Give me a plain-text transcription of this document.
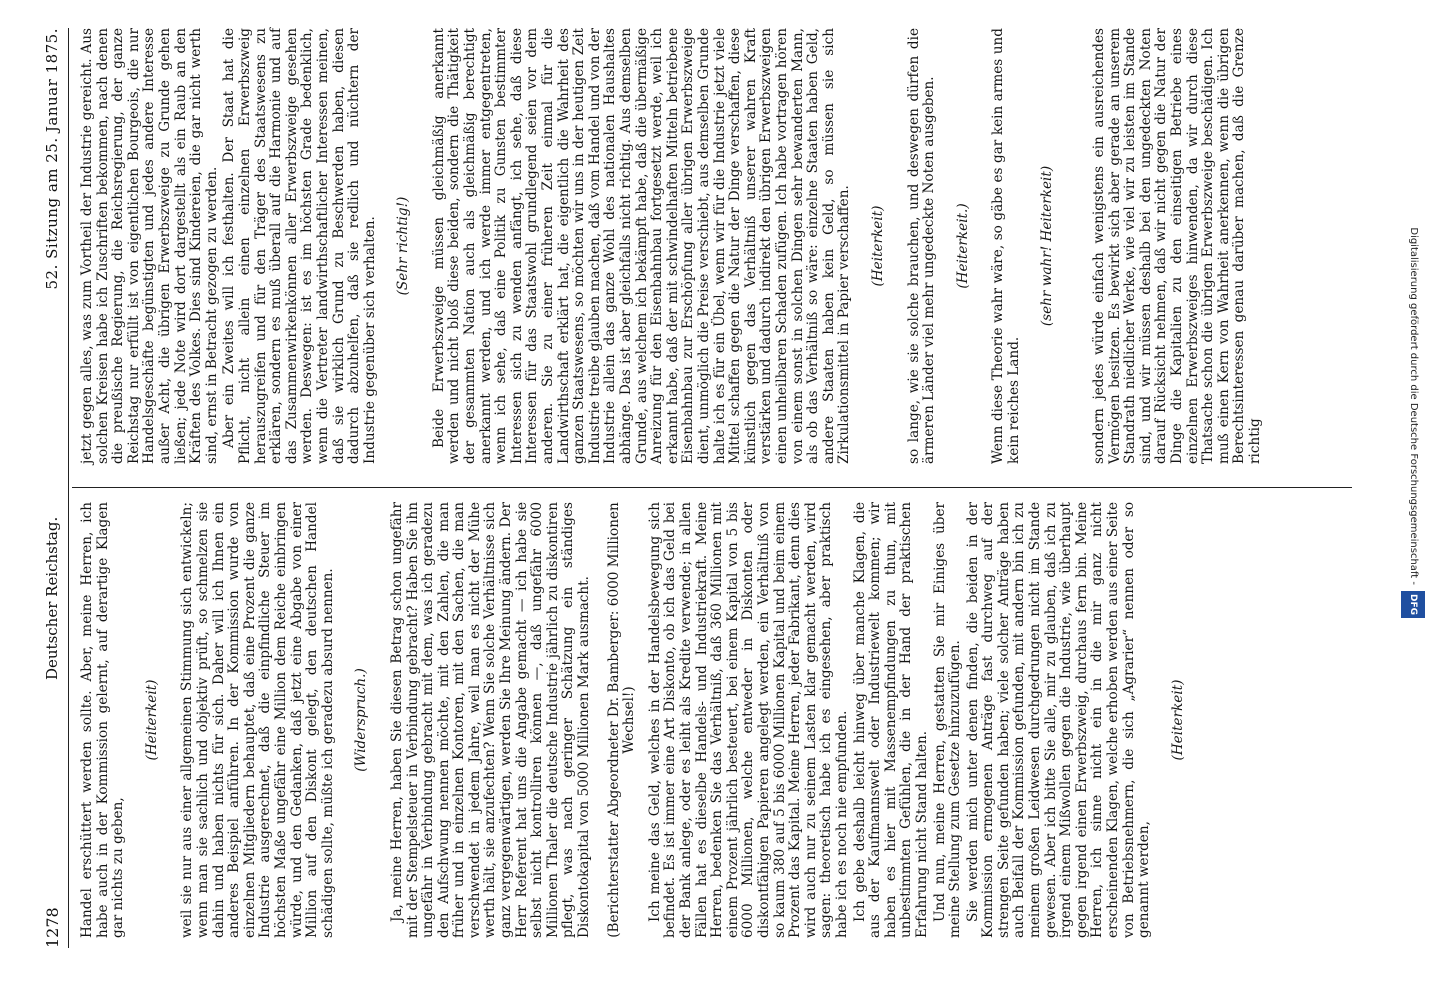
1278
Deutscher Reichstag.
52. Sitzung am 25. Januar 1875.

Handel erschüttert werden sollte. Aber, meine Herren, ich habe auch in der Kommission gelernt, auf derartige Klagen gar nichts zu geben,

(Heiterkeit) weil sie nur aus einer allgemeinen Stimmung sich entwickeln; wenn man sie sachlich und objektiv prüft, so schmelzen sie dahin und haben nichts für sich. Daher will ich Ihnen ein anderes Beispiel anführen. In der Kommission wurde von einzelnen Mitgliedern behauptet, daß eine Prozent die ganze Industrie ausgerechnet, daß die einpfindliche Steuer im höchsten Maße ungefähr eine Million dem Reiche einbringen würde, und den Gedanken, daß jetzt eine Abgabe von einer Million auf den Diskont gelegt, den deutschen Handel schädigen sollte, müßte ich geradezu absurd nennen. (Widerspruch.) Ja, meine Herren, haben Sie diesen Betrag schon ungefähr mit der Stempelsteuer in Verbindung gebracht? Haben Sie ihn ungefähr in Verbindung gebracht mit dem, was ich geradezu den Aufschwung nennen möchte, mit den Zahlen, die man früher und in einzelnen Kontoren, mit den Sachen, die man verschwendet in jedem Jahre, weil man es nicht der Mühe werth hält, sie anzufechten? Wenn Sie solche Verhältnisse sich ganz vergegenwärtigen, werden Sie Ihre Meinung ändern. Der Herr Referent hat uns die Angabe gemacht — ich habe sie selbst nicht kontrolliren können —, daß ungefähr 6000 Millionen Thaler die deutsche Industrie jährlich zu diskontiren pflegt, was nach geringer Schätzung ein ständiges Diskontokapital von 5000 Millionen Mark ausmacht. (Berichterstatter Abgeordneter Dr. Bamberger: 6000 Millionen Wechsel!) Ich meine das Geld, welches in der Handelsbewegung sich befindet. Es ist immer eine Art Diskonto, ob ich das Geld bei der Bank anlege, oder es leiht als Kredite verwende; in allen Fällen hat es dieselbe Handels- und Industriekraft. Meine Herren, bedenken Sie das Verhältniß, daß 360 Millionen mit einem Prozent jährlich besteuert, bei einem Kapital von 5 bis 6000 Millionen, welche entweder in Diskonten oder diskontfähigen Papieren angelegt werden, ein Verhältniß von so kaum 380 auf 5 bis 6000 Millionen Kapital und beim einem Prozent das Kapital. Meine Herren, jeder Fabrikant, denn dies wird auch nur zu seinem Lasten klar gemacht werden, wird sagen: theoretisch habe ich es eingesehen, aber praktisch habe ich es noch nie empfunden. Ich gebe deshalb leicht hinweg über manche Klagen, die aus der Kaufmannswelt oder Industriewelt kommen; wir haben es hier mit Massenempfindungen zu thun, mit unbestimmten Gefühlen, die in der Hand der praktischen Erfahrung nicht Stand halten. Und nun, meine Herren, gestatten Sie mir Einiges über meine Stellung zum Gesetze hinzuzufügen. Sie werden mich unter denen finden, die beiden in der Kommission ermogenen Anträge fast durchweg auf der strengen Seite gefunden haben; viele solcher Anträge haben auch Beifall der Kommission gefunden, mit andern bin ich zu meinem großen Leidwesen durchgedrungen nicht im Stande gewesen. Aber ich bitte Sie alle, mir zu glauben, daß ich zu irgend einem Mißwollen gegen die Industrie, wie überhaupt gegen irgend einen Erwerbszweig, durchaus fern bin. Meine Herren, ich sinne nicht ein in die mir ganz nicht erscheinenden Klagen, welche erhoben werden aus einer Seite von Betriebsnehmern, die sich „Agrarier“ nennen oder so genannt werden,

(Heiterkeit)

jetzt gegen alles, was zum Vortheil der Industrie gereicht. Aus solchen Kreisen habe ich Zuschriften bekommen, nach denen die preußische Regierung, die Reichsregierung, der ganze Reichstag nur erfüllt ist von eigentlichen Bourgeois, die nur Handelsgeschäfte begünstigten und jedes andere Interesse außer Acht, die übrigen Erwerbszweige zu Grunde gehen ließen; jede Note wird dort dargestellt als ein Raub an den Kräften des Volkes. Dies sind Kindereien, die gar nicht werth sind, ernst in Betracht gezogen zu werden. Aber ein Zweites will ich festhalten. Der Staat hat die Pflicht, nicht allein einen einzelnen Erwerbszweig herauszugreifen und für den Träger des Staatswesens zu erklären, sondern es muß überall auf die Harmonie und auf das Zusammenwirkenkönnen aller Erwerbszweige gesehen werden. Deswegen: ist es im höchsten Grade bedenklich, wenn die Vertreter landwirthschaftlicher Interessen meinen, daß sie wirklich Grund zu Beschwerden haben, diesen dadurch abzuhelfen, daß sie redlich und nüchtern der Industrie gegenüber sich verhalten. (Sehr richtig!) Beide Erwerbszweige müssen gleichmäßig anerkannt werden und nicht bloß diese beiden, sondern die Thätigkeit der gesammten Nation auch als gleichmäßig berechtigt anerkannt werden, und ich werde immer entgegentreten, wenn ich sehe, daß eine Politik zu Gunsten bestimmter Interessen sich zu wenden anfängt, ich sehe, daß diese Interessen für das Staatswohl grundlegend seien vor dem anderen. Sie zu einer früheren Zeit einmal für die Landwirthschaft erklärt hat, die eigentlich die Wahrheit des ganzen Staatswesens, so möchten wir uns in der heutigen Zeit Industrie treibe glauben machen, daß vom Handel und von der Industrie allein das ganze Wohl des nationalen Haushaltes abhänge. Das ist aber gleichfalls nicht richtig. Aus demselben Grunde, aus welchem ich bekämpft habe, daß die übermäßige Anreizung für den Eisenbahnbau fortgesetzt werde, weil ich erkannt habe, daß der mit schwindelhaften Mitteln betriebene Eisenbahnbau zur Erschöpfung aller übrigen Erwerbszweige dient, unmöglich die Preise verschiebt, aus demselben Grunde halte ich es für ein Übel, wenn wir für die Industrie jetzt viele Mittel schaffen gegen die Natur der Dinge verschaffen, diese künstlich gegen das Verhältniß unserer wahren Kraft verstärken und dadurch indirekt den übrigen Erwerbszweigen einen unheilbaren Schaden zufügen. Ich habe vortragen hören von einem sonst in solchen Dingen sehr bewanderten Mann, als ob das Verhältniß so wäre: einzelne Staaten haben Geld, andere Staaten haben kein Geld, so müssen sie sich Zirkulationsmittel in Papier verschaffen. (Heiterkeit) so lange, wie sie solche brauchen, und deswegen dürfen die ärmeren Länder viel mehr ungedeckte Noten ausgeben. (Heiterkeit.) Wenn diese Theorie wahr wäre, so gäbe es gar kein armes und kein reiches Land.

(sehr wahr! Heiterkeit)	sondern jedes würde einfach wenigstens ein ausreichendes Vermögen besitzen. Es bewirkt sich aber gerade an unserem Standrath niedlicher Werke, wie viel wir zu leisten im Stande sind, und wir müssen deshalb bei den ungedeckten Noten darauf Rücksicht nehmen, daß wir nicht gegen die Natur der Dinge die Kapitalien zu den einseitigen Betriebe eines einzelnen Erwerbszweiges hinwenden, da wir durch diese Thatsache schon die übrigen Erwerbszweige beschädigen. Ich muß einen Kern von Wahrheit anerkennen, wenn die übrigen Berechtsinteressen genau darüber machen, daß die Grenze richtig	Digitalisierung gefördert durch die Deutsche Forschungsgemeinschaft -
DFG
